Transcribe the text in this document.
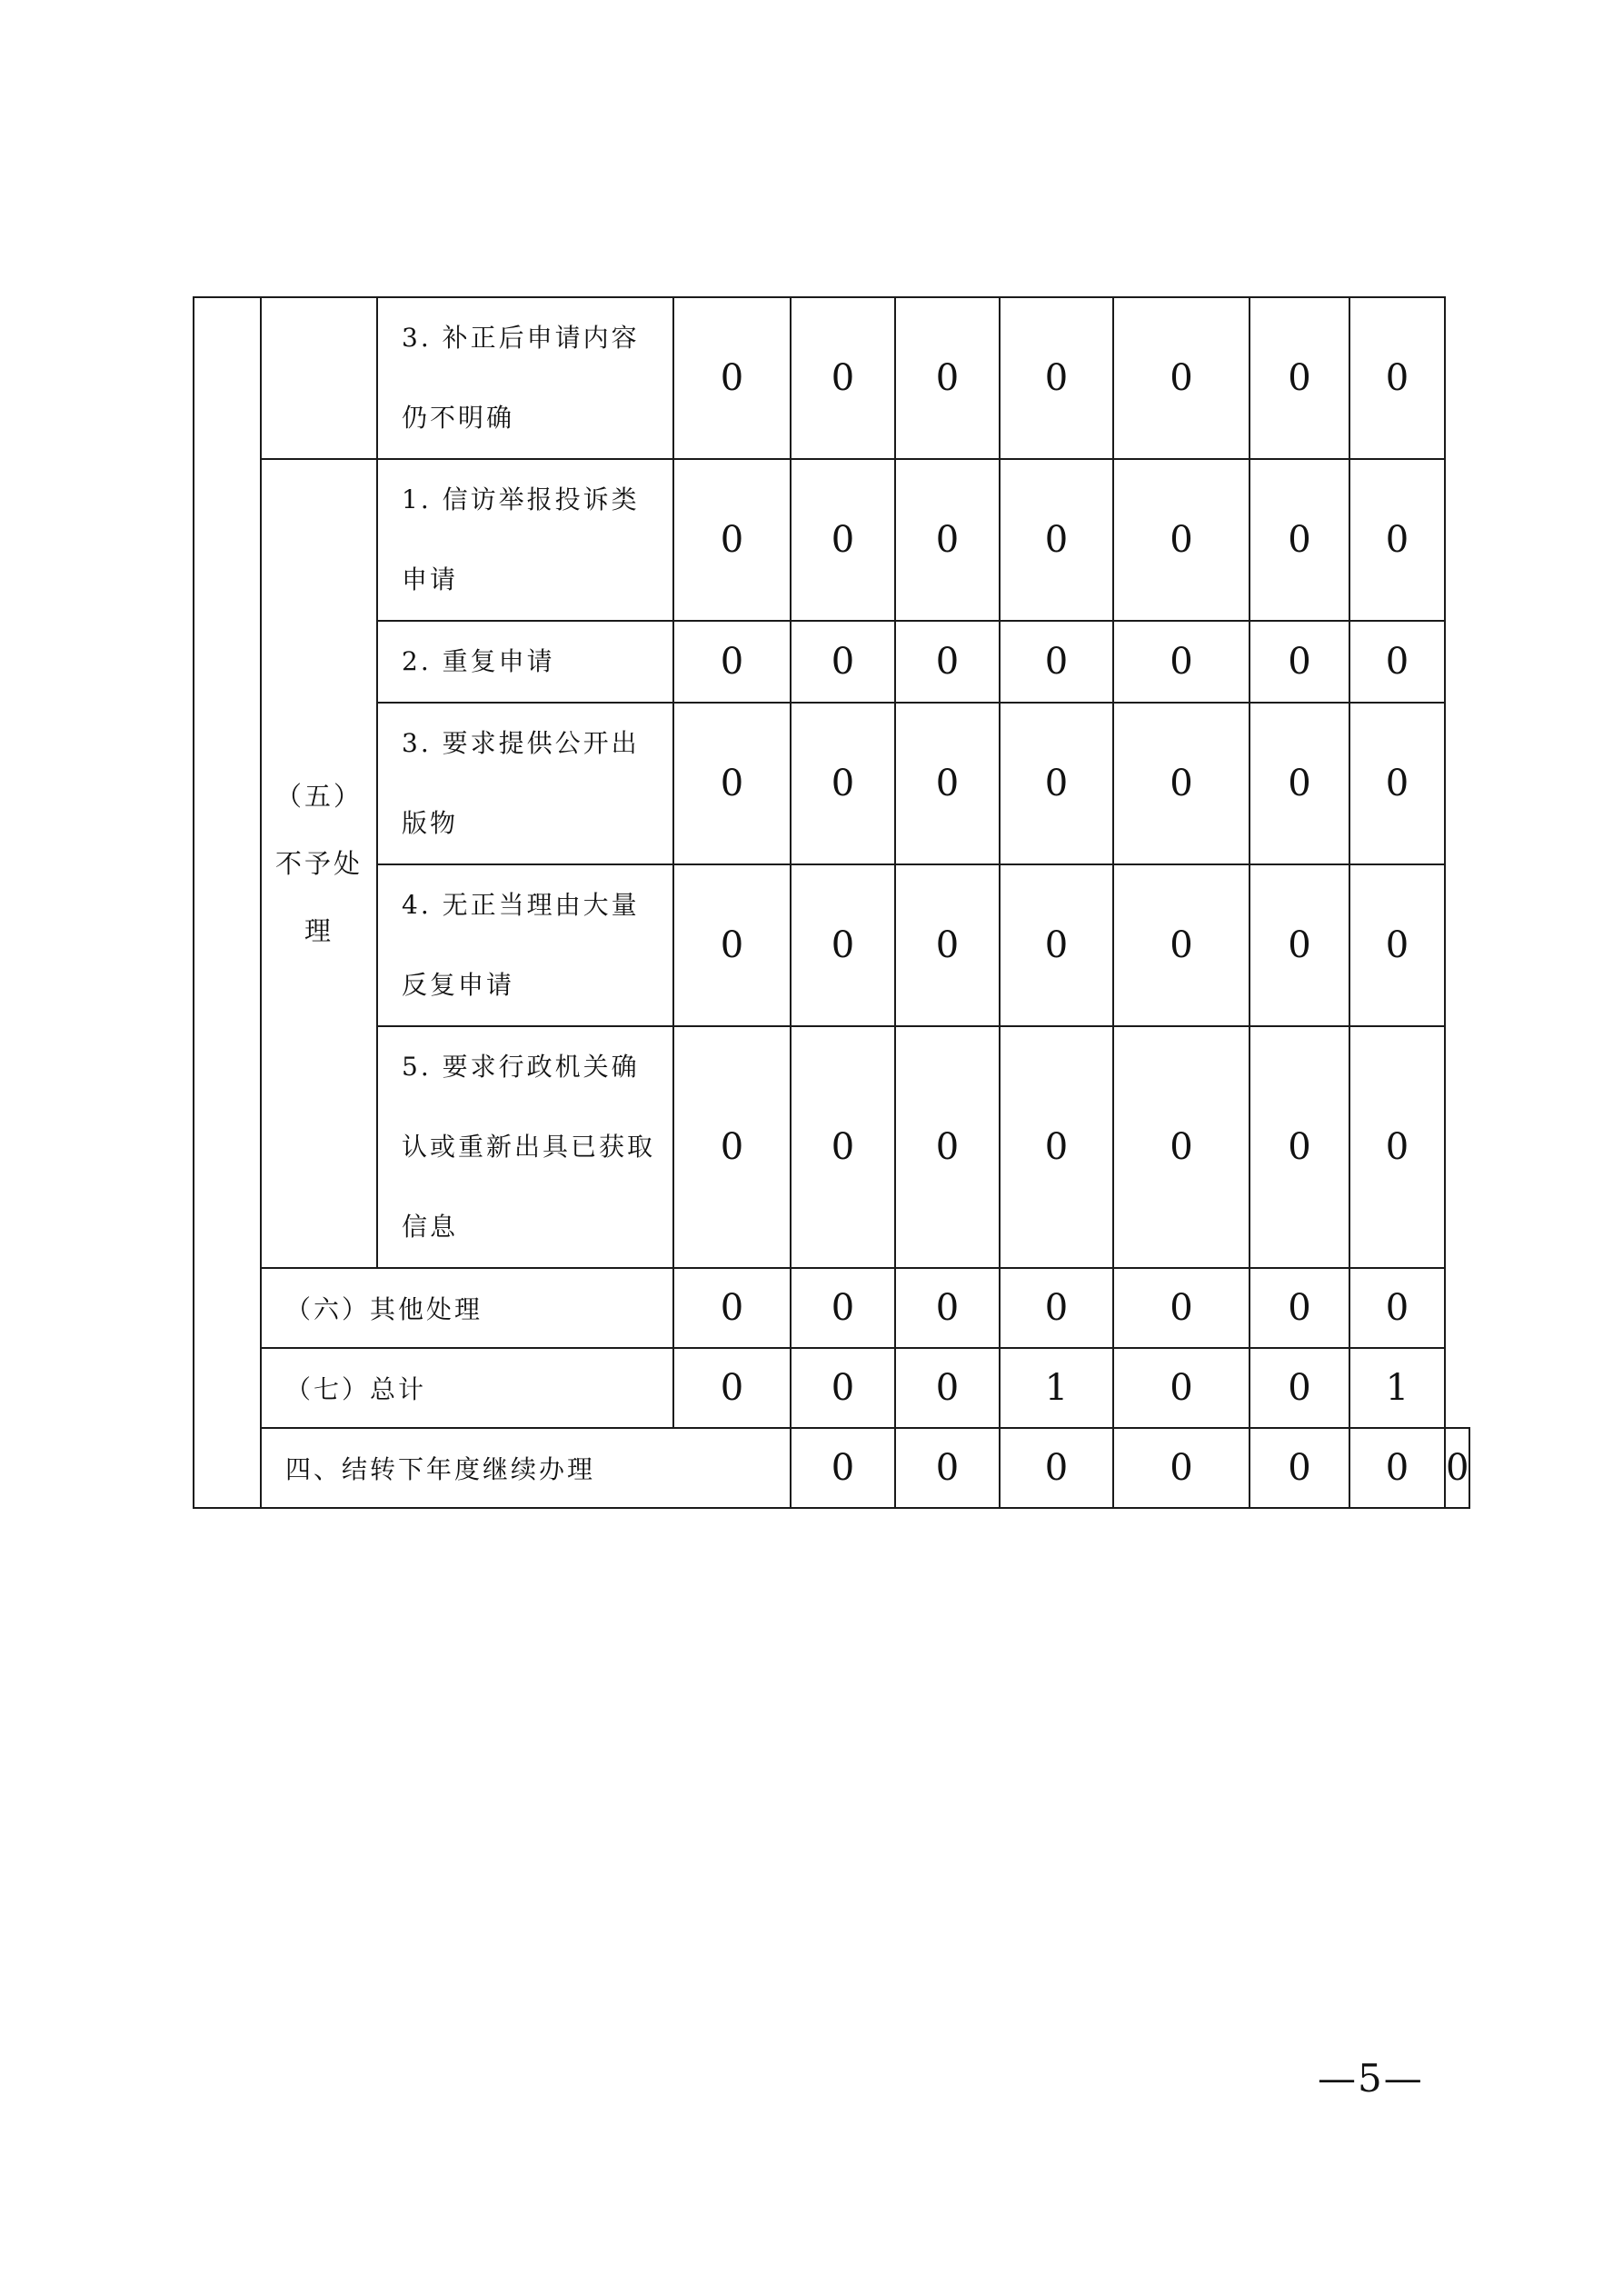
		3. 补正后申请内容仍不明确	0	0	0	0	0	0	0	
	（五）不予处理	1. 信访举报投诉类申请	0	0	0	0	0	0	0	
		2. 重复申请	0	0	0	0	0	0	0	
		3. 要求提供公开出版物	0	0	0	0	0	0	0	
		4. 无正当理由大量反复申请	0	0	0	0	0	0	0	
		5. 要求行政机关确认或重新出具已获取信息	0	0	0	0	0	0	0	
	（六）其他处理		0	0	0	0	0	0	0	
	（七）总计		0	0	0	1	0	0	1	
	四、结转下年度继续办理			0	0	0	0	0	0	0
—5—
